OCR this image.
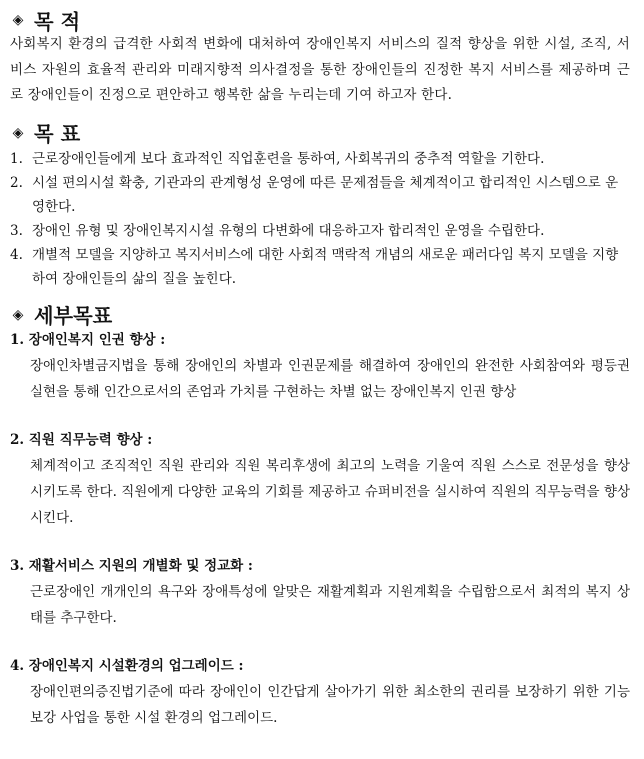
◈ 목 적

사회복지 환경의 급격한 사회적 변화에 대처하여 장애인복지 서비스의 질적 향상을 위한 시설, 조직, 서비스 자원의 효율적 관리와 미래지향적 의사결정을 통한 장애인들의 진정한 복지 서비스를 제공하며 근로 장애인들이 진정으로 편안하고 행복한 삶을 누리는데 기여 하고자 한다.

◈ 목 표
1. 근로장애인들에게 보다 효과적인 직업훈련을 통하여, 사회복귀의 중추적 역할을 기한다.
2. 시설 편의시설 확충, 기관과의 관계형성 운영에 따른 문제점들을 체계적이고 합리적인 시스템으로 운영한다.
3. 장애인 유형 및 장애인복지시설 유형의 다변화에 대응하고자 합리적인 운영을 수립한다.
4. 개별적 모델을 지양하고 복지서비스에 대한 사회적 맥락적 개념의 새로운 패러다임 복지 모델을 지향하여 장애인들의 삶의 질을 높힌다.
◈ 세부목표

1. 장애인복지 인권 향상 :

장애인차별금지법을 통해 장애인의 차별과 인권문제를 해결하여 장애인의 완전한 사회참여와 평등권 실현을 통해 인간으로서의 존엄과 가치를 구현하는 차별 없는 장애인복지 인권 향상

2. 직원 직무능력 향상 :

체계적이고 조직적인 직원 관리와 직원 복리후생에 최고의 노력을 기울여 직원 스스로 전문성을 향상 시키도록 한다. 직원에게 다양한 교육의 기회를 제공하고 슈퍼비전을 실시하여 직원의 직무능력을 향상시킨다.

3. 재활서비스 지원의 개별화 및 정교화 :

근로장애인 개개인의 욕구와 장애특성에 알맞은 재활계획과 지원계획을 수립함으로서 최적의 복지 상태를 추구한다.

4. 장애인복지 시설환경의 업그레이드 :

장애인편의증진법기준에 따라 장애인이 인간답게 살아가기 위한 최소한의 권리를 보장하기 위한 기능보강 사업을 통한 시설 환경의 업그레이드.
